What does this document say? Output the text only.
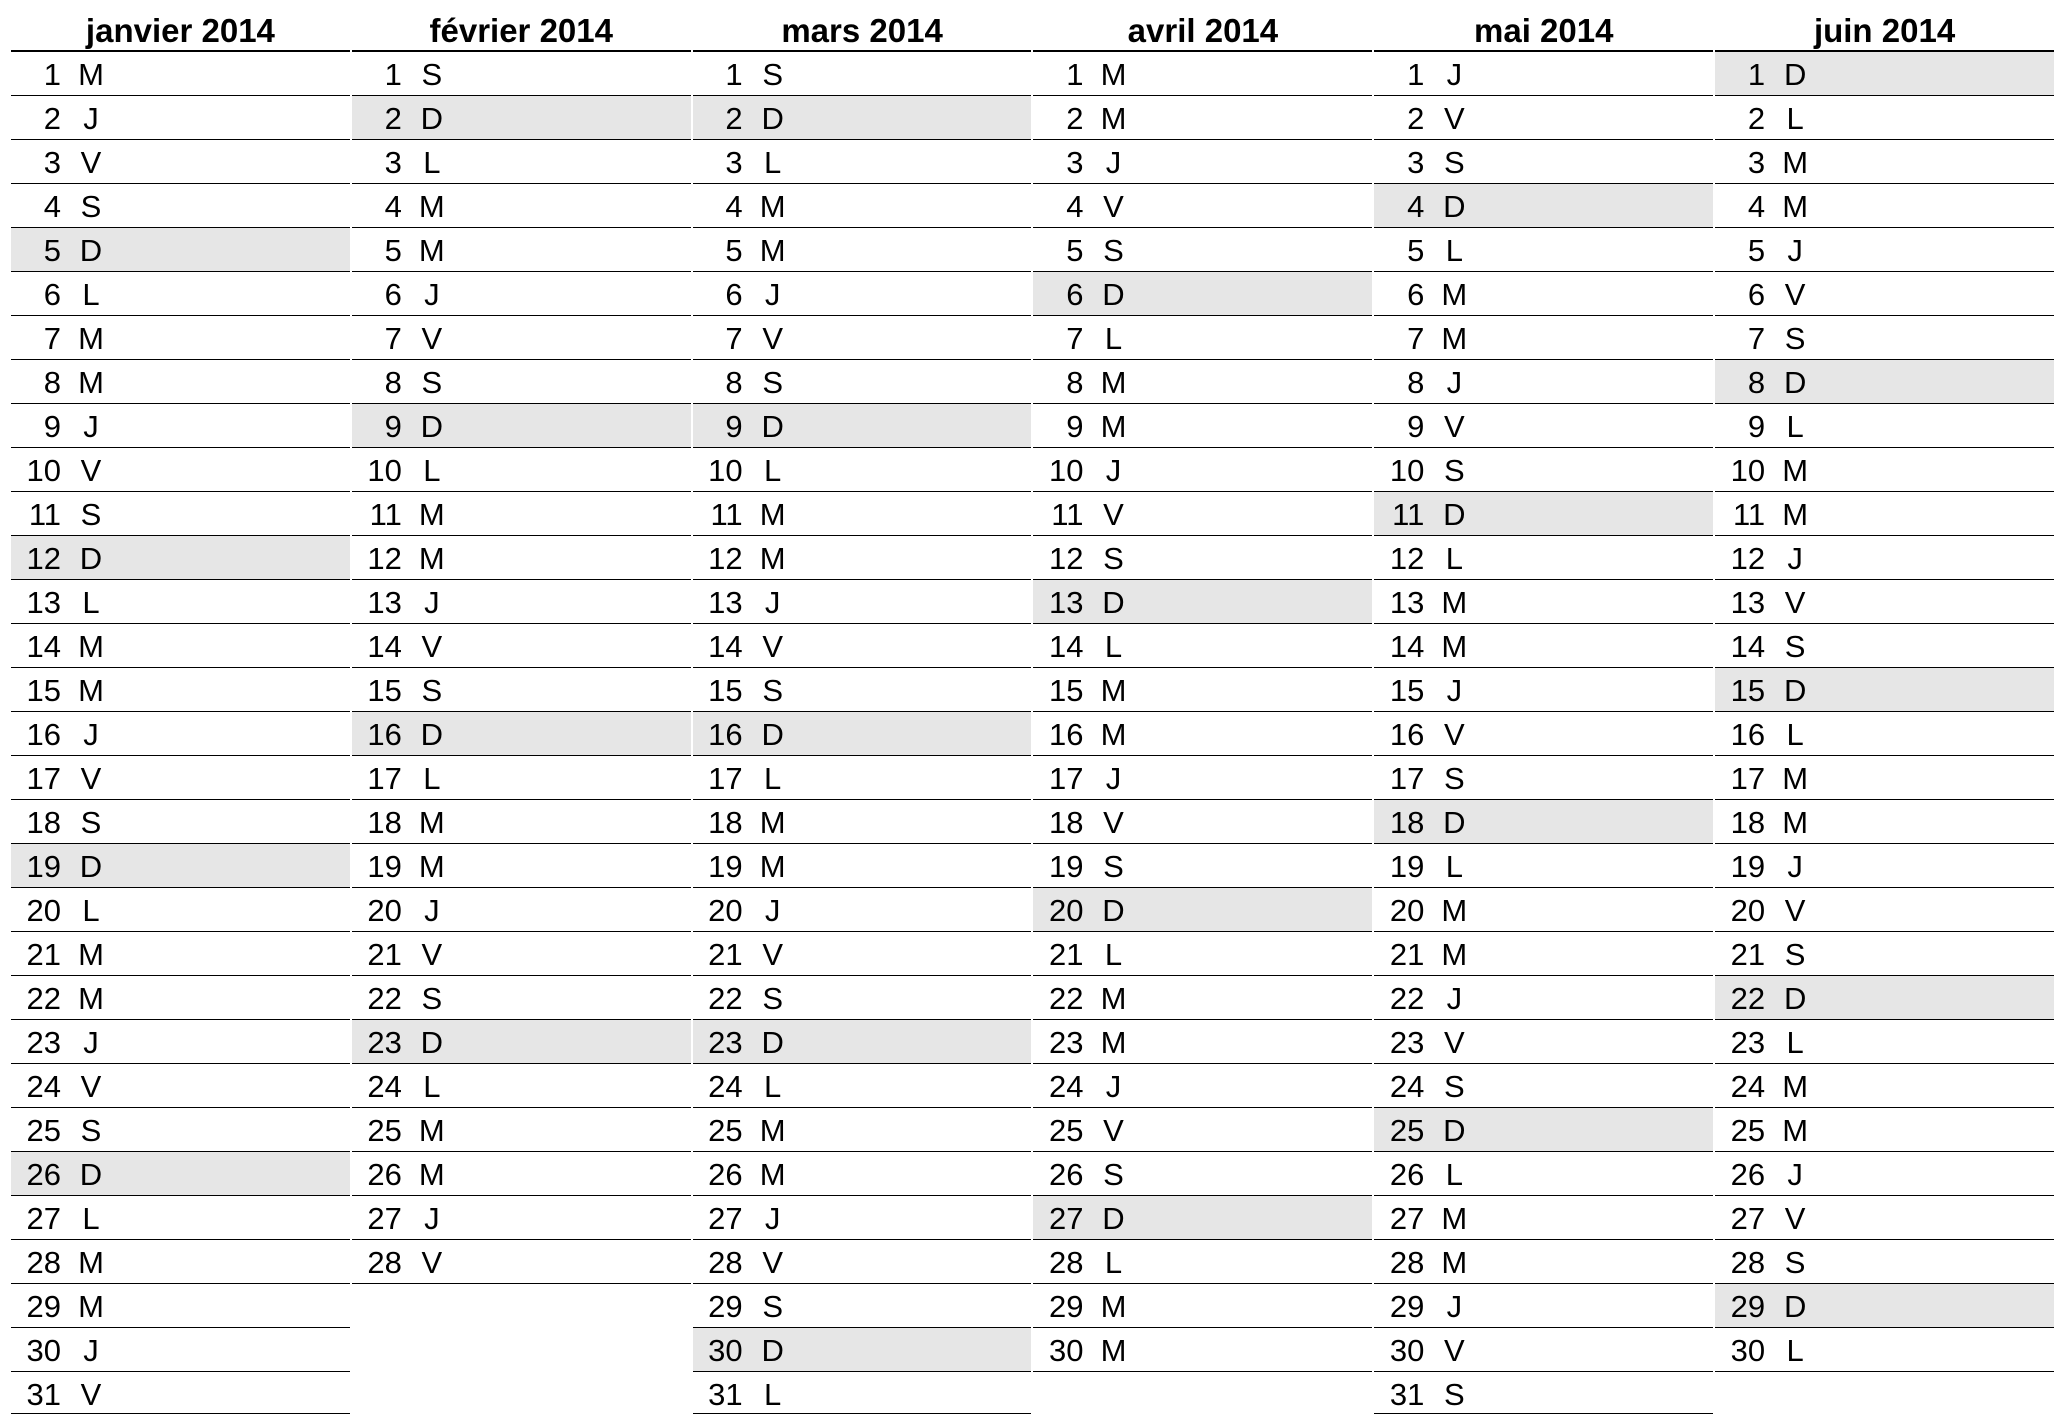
janvier 2014
1 M
2 J
3 V
4 S
5 D
6 L
7 M
8 M
9 J
10 V
11 S
12 D
13 L
14 M
15 M
16 J
17 V
18 S
19 D
20 L
21 M
22 M
23 J
24 V
25 S
26 D
27 L
28 M
29 M
30 J
31 V
février 2014
1 S
2 D
3 L
4 M
5 M
6 J
7 V
8 S
9 D
10 L
11 M
12 M
13 J
14 V
15 S
16 D
17 L
18 M
19 M
20 J
21 V
22 S
23 D
24 L
25 M
26 M
27 J
28 V
mars 2014
1 S
2 D
3 L
4 M
5 M
6 J
7 V
8 S
9 D
10 L
11 M
12 M
13 J
14 V
15 S
16 D
17 L
18 M
19 M
20 J
21 V
22 S
23 D
24 L
25 M
26 M
27 J
28 V
29 S
30 D
31 L
avril 2014
1 M
2 M
3 J
4 V
5 S
6 D
7 L
8 M
9 M
10 J
11 V
12 S
13 D
14 L
15 M
16 M
17 J
18 V
19 S
20 D
21 L
22 M
23 M
24 J
25 V
26 S
27 D
28 L
29 M
30 M
mai 2014
1 J
2 V
3 S
4 D
5 L
6 M
7 M
8 J
9 V
10 S
11 D
12 L
13 M
14 M
15 J
16 V
17 S
18 D
19 L
20 M
21 M
22 J
23 V
24 S
25 D
26 L
27 M
28 M
29 J
30 V
31 S
juin 2014
1 D
2 L
3 M
4 M
5 J
6 V
7 S
8 D
9 L
10 M
11 M
12 J
13 V
14 S
15 D
16 L
17 M
18 M
19 J
20 V
21 S
22 D
23 L
24 M
25 M
26 J
27 V
28 S
29 D
30 L
